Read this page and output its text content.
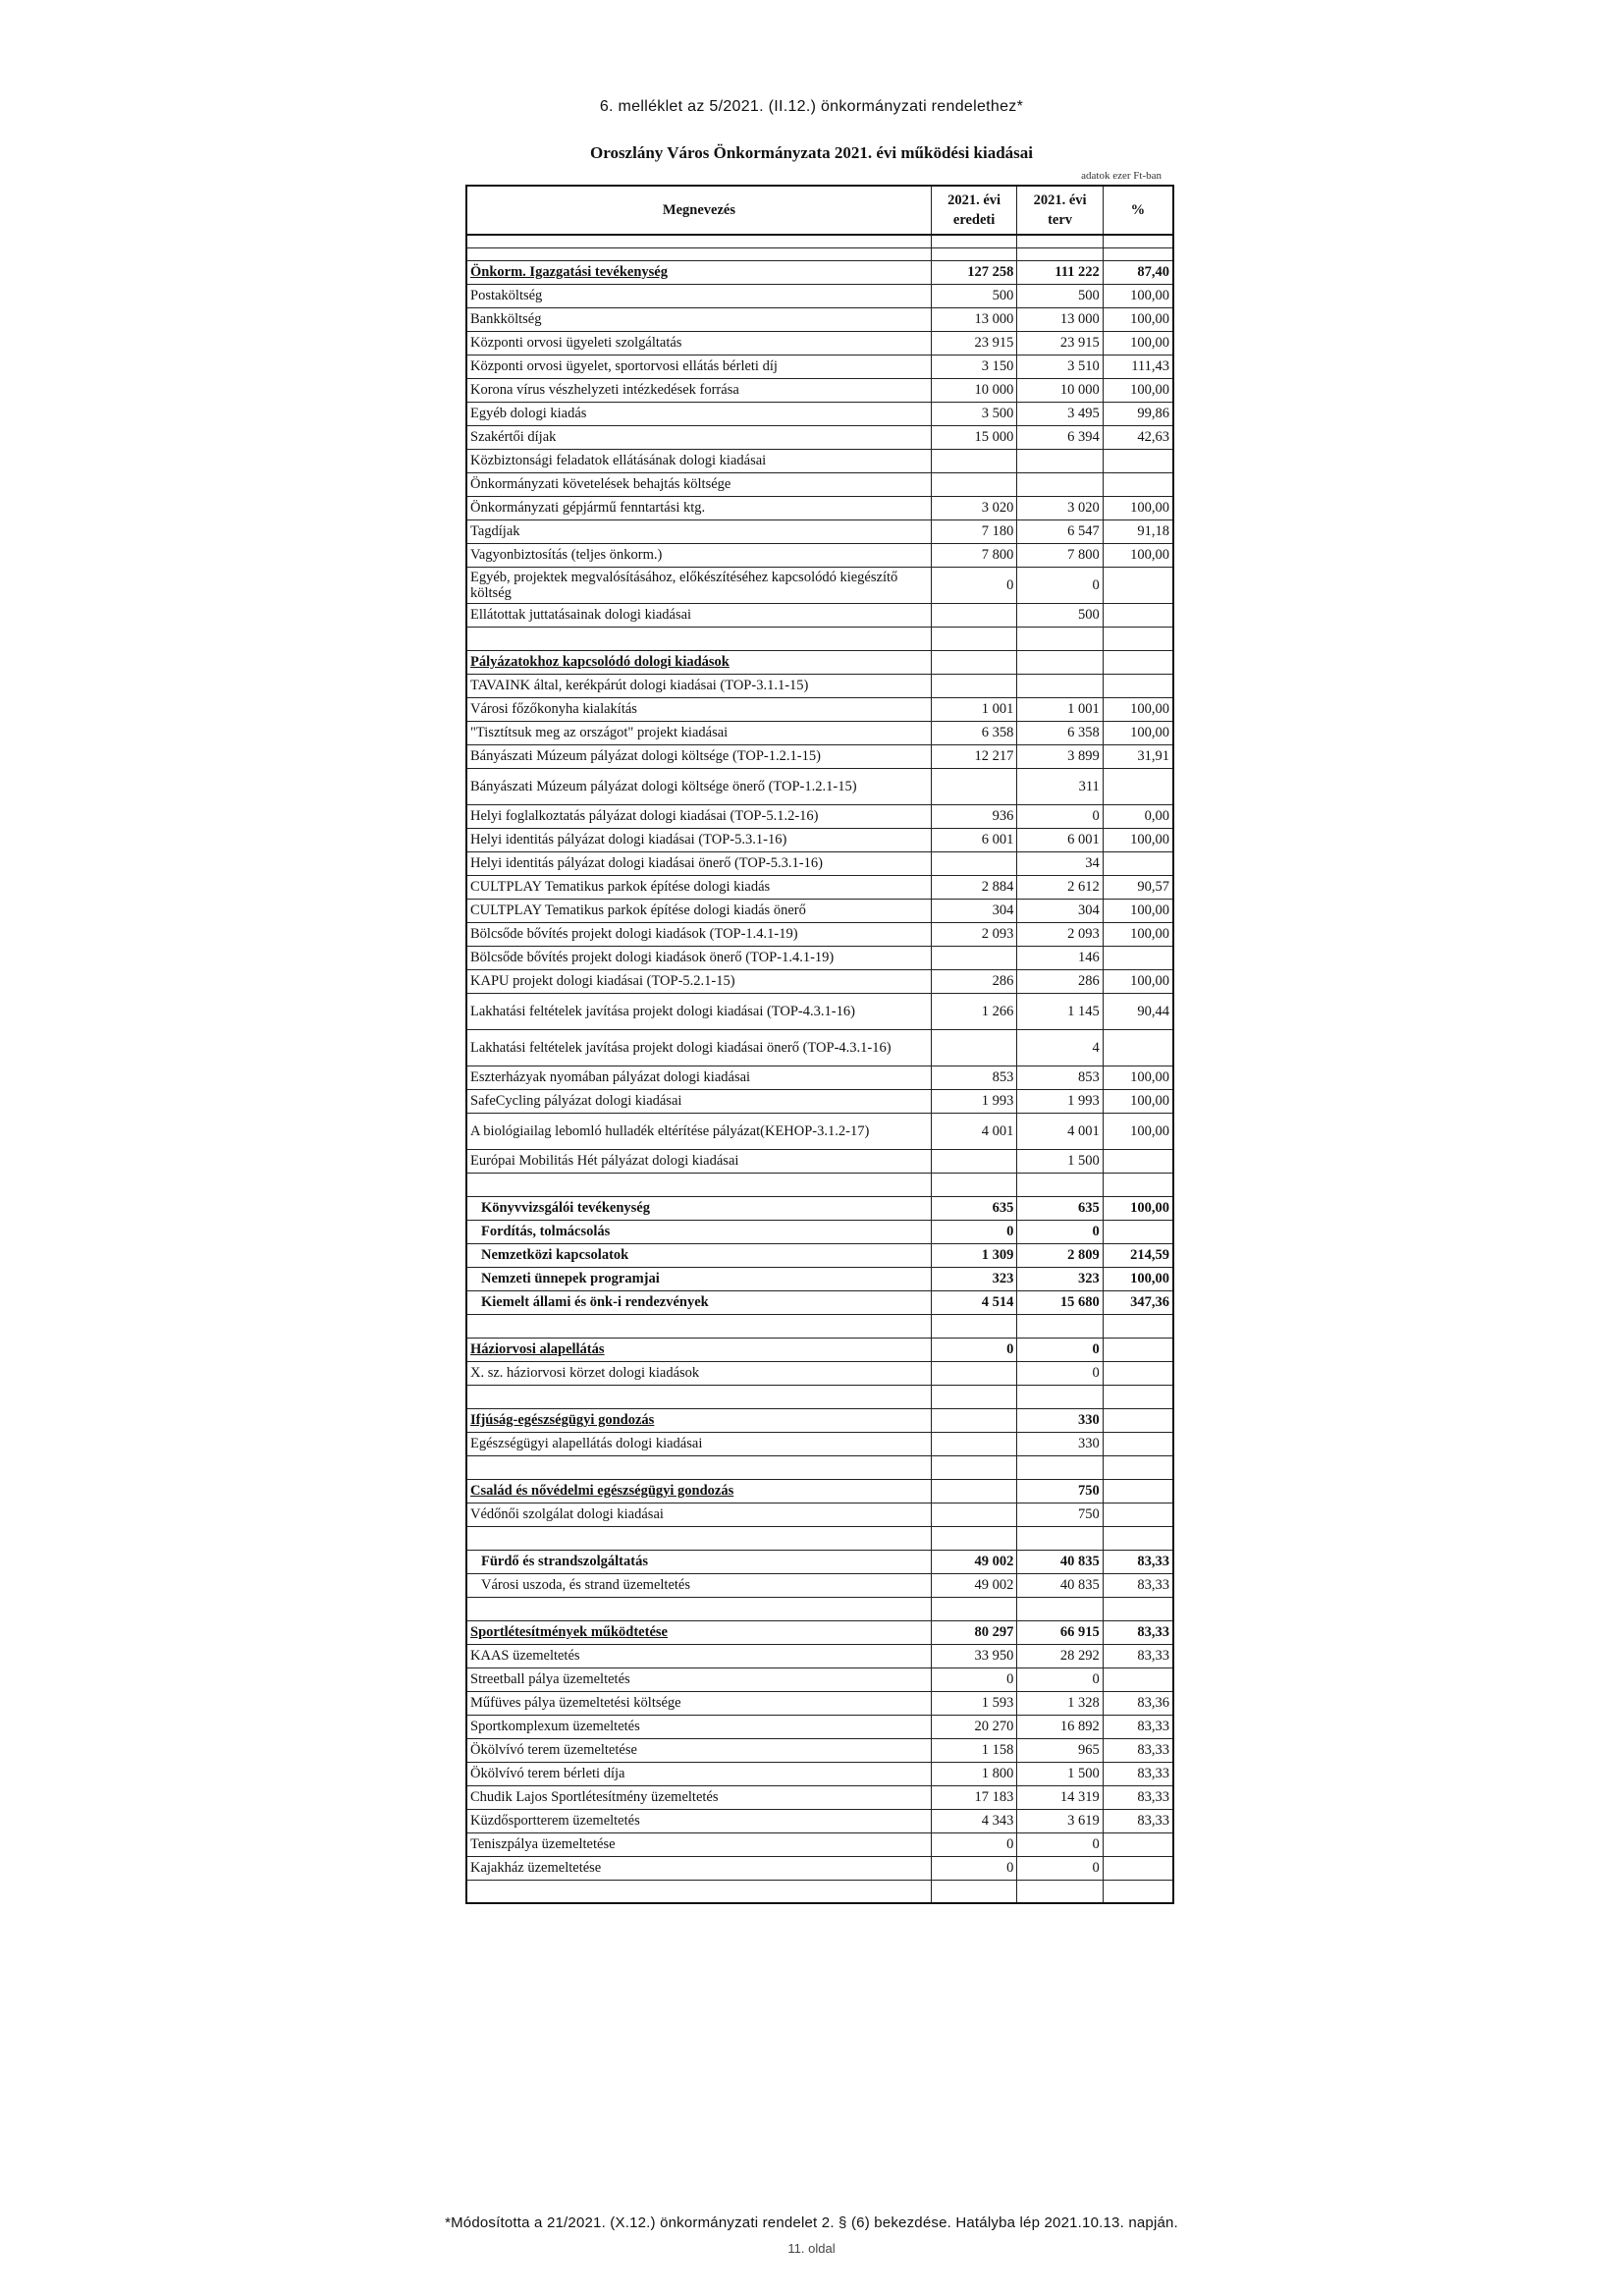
6. melléklet az 5/2021. (II.12.) önkormányzati rendelethez*
Oroszlány Város Önkormányzata 2021. évi működési kiadásai
adatok ezer Ft-ban
Megnevezés	2021. évi eredeti	2021. évi terv	%

Önkorm. Igazgatási tevékenység	127 258	111 222	87,40
Postaköltség	500	500	100,00
Bankköltség	13 000	13 000	100,00
Központi orvosi ügyeleti szolgáltatás	23 915	23 915	100,00
Központi orvosi ügyelet, sportorvosi ellátás bérleti díj	3 150	3 510	111,43
Korona vírus vészhelyzeti intézkedések forrása	10 000	10 000	100,00
Egyéb dologi kiadás	3 500	3 495	99,86
Szakértői díjak	15 000	6 394	42,63
Közbiztonsági feladatok ellátásának dologi kiadásai			
Önkormányzati követelések behajtás költsége			
Önkormányzati gépjármű fenntartási ktg.	3 020	3 020	100,00
Tagdíjak	7 180	6 547	91,18
Vagyonbiztosítás (teljes önkorm.)	7 800	7 800	100,00
Egyéb, projektek megvalósításához, előkészítéséhez kapcsolódó kiegészítő költség	0	0	
Ellátottak juttatásainak dologi kiadásai		500	

Pályázatokhoz kapcsolódó dologi kiadások			
TAVAINK által, kerékpárút dologi kiadásai (TOP-3.1.1-15)			
Városi főzőkonyha kialakítás	1 001	1 001	100,00
"Tisztítsuk meg az országot" projekt kiadásai	6 358	6 358	100,00
Bányászati Múzeum pályázat dologi költsége (TOP-1.2.1-15)	12 217	3 899	31,91
Bányászati Múzeum pályázat dologi költsége önerő (TOP-1.2.1-15)		311	
Helyi foglalkoztatás pályázat dologi kiadásai (TOP-5.1.2-16)	936	0	0,00
Helyi identitás pályázat dologi kiadásai (TOP-5.3.1-16)	6 001	6 001	100,00
Helyi identitás pályázat dologi kiadásai önerő (TOP-5.3.1-16)		34	
CULTPLAY Tematikus parkok építése dologi kiadás	2 884	2 612	90,57
CULTPLAY Tematikus parkok építése dologi kiadás önerő	304	304	100,00
Bölcsőde bővítés projekt dologi kiadások (TOP-1.4.1-19)	2 093	2 093	100,00
Bölcsőde bővítés projekt dologi kiadások önerő (TOP-1.4.1-19)		146	
KAPU projekt dologi kiadásai (TOP-5.2.1-15)	286	286	100,00
Lakhatási feltételek javítása projekt dologi kiadásai (TOP-4.3.1-16)	1 266	1 145	90,44
Lakhatási feltételek javítása projekt dologi kiadásai önerő (TOP-4.3.1-16)		4	
Eszterházyak nyomában pályázat dologi kiadásai	853	853	100,00
SafeCycling pályázat dologi kiadásai	1 993	1 993	100,00
A biológiailag lebomló hulladék eltérítése pályázat(KEHOP-3.1.2-17)	4 001	4 001	100,00
Európai Mobilitás Hét pályázat dologi kiadásai		1 500	

Könyvvizsgálói tevékenység	635	635	100,00
Fordítás, tolmácsolás	0	0	
Nemzetközi kapcsolatok	1 309	2 809	214,59
Nemzeti ünnepek programjai	323	323	100,00
Kiemelt állami és önk-i rendezvények	4 514	15 680	347,36

Háziorvosi alapellátás	0	0	
X. sz. háziorvosi körzet dologi kiadások		0	

Ifjúság-egészségügyi gondozás		330	
Egészségügyi alapellátás dologi kiadásai		330	

Család és nővédelmi egészségügyi gondozás		750	
Védőnői szolgálat dologi kiadásai		750	

Fürdő és strandszolgáltatás	49 002	40 835	83,33
Városi uszoda, és strand üzemeltetés	49 002	40 835	83,33

Sportlétesítmények működtetése	80 297	66 915	83,33
KAAS üzemeltetés	33 950	28 292	83,33
Streetball pálya üzemeltetés	0	0	
Műfüves pálya üzemeltetési költsége	1 593	1 328	83,36
Sportkomplexum üzemeltetés	20 270	16 892	83,33
Ökölvívó terem üzemeltetése	1 158	965	83,33
Ökölvívó terem bérleti díja	1 800	1 500	83,33
Chudik Lajos Sportlétesítmény üzemeltetés	17 183	14 319	83,33
Küzdősportterem üzemeltetés	4 343	3 619	83,33
Teniszpálya üzemeltetése	0	0	
Kajakház üzemeltetése	0	0	

*Módosította a 21/2021. (X.12.) önkormányzati rendelet 2. § (6) bekezdése. Hatályba lép 2021.10.13. napján.
11. oldal
